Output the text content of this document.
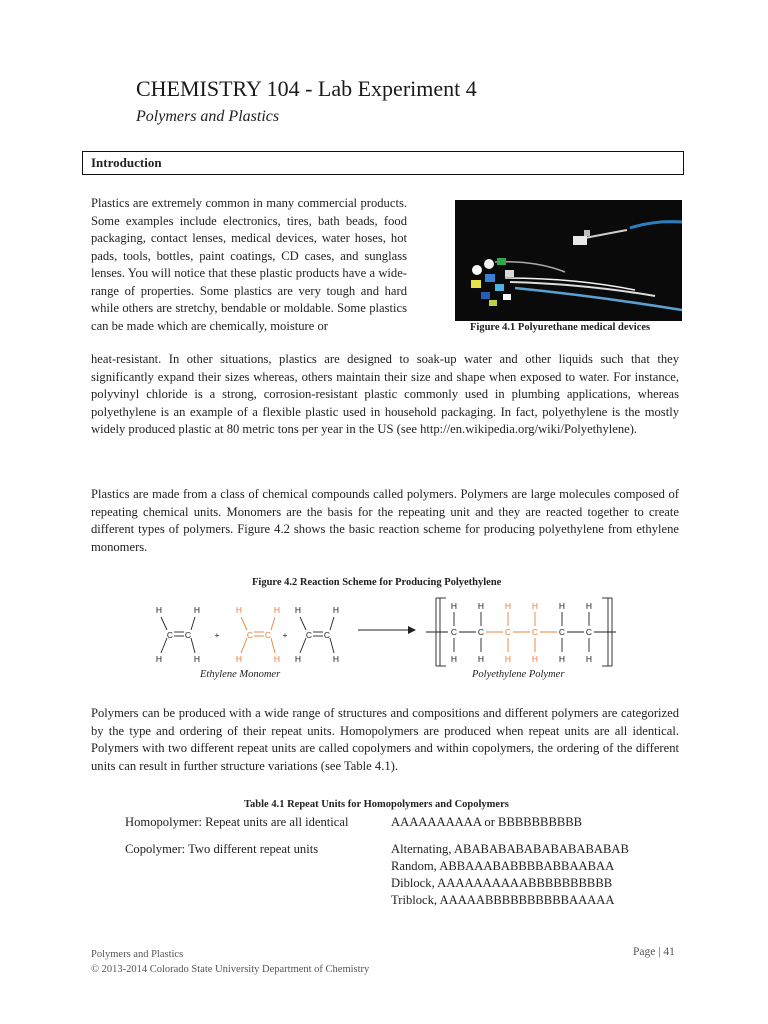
CHEMISTRY 104 - Lab Experiment 4
Polymers and Plastics
Introduction
Plastics are extremely common in many commercial products. Some examples include electronics, tires, bath beads, food packaging, contact lenses, medical devices, water hoses, hot pads, tools, bottles, paint coatings, CD cases, and sunglass lenses. You will notice that these plastic products have a wide-range of properties. Some plastics are very tough and hard while others are stretchy, bendable or moldable. Some plastics can be made which are chemically, moisture or
heat-resistant. In other situations, plastics are designed to soak-up water and other liquids such that they significantly expand their sizes whereas, others maintain their size and shape when exposed to water. For instance, polyvinyl chloride is a strong, corrosion-resistant plastic commonly used in plumbing applications, whereas polyethylene is an example of a flexible plastic used in household packaging. In fact, polyethylene is the mostly widely produced plastic at 80 metric tons per year in the US (see http://en.wikipedia.org/wiki/Polyethylene).
Figure 4.1 Polyurethane medical devices
Plastics are made from a class of chemical compounds called polymers. Polymers are large molecules composed of repeating chemical units. Monomers are the basis for the repeating unit and they are reacted together to create different types of polymers. Figure 4.2 shows the basic reaction scheme for producing polyethylene from ethylene monomers.
Figure 4.2 Reaction Scheme for Producing Polyethylene
H	H
H	H
C C	+
H	H
H	H
C C +
H	H
H	H
C C	C
H
H
C
H
H
C
H
H
C
H
H
C
H
H
C
H
H
Ethylene Monomer	Polyethylene Polymer
Polymers can be produced with a wide range of structures and compositions and different polymers are categorized by the type and ordering of their repeat units. Homopolymers are produced when repeat units are all identical. Polymers with two different repeat units are called copolymers and within copolymers, the ordering of the different units can result in further structure variations (see Table 4.1).
Table 4.1 Repeat Units for Homopolymers and Copolymers
Homopolymer: Repeat units are all identical	AAAAAAAAAA or BBBBBBBBBB
Copolymer: Two different repeat units	Alternating, ABABABABABABABABABAB
Random, ABBAAABABBBBABBAABAA
Diblock, AAAAAAAAAABBBBBBBBBB
Triblock, AAAAABBBBBBBBBBAAAAA
Polymers and Plastics
© 2013-2014 Colorado State University Department of Chemistry
Page | 41
